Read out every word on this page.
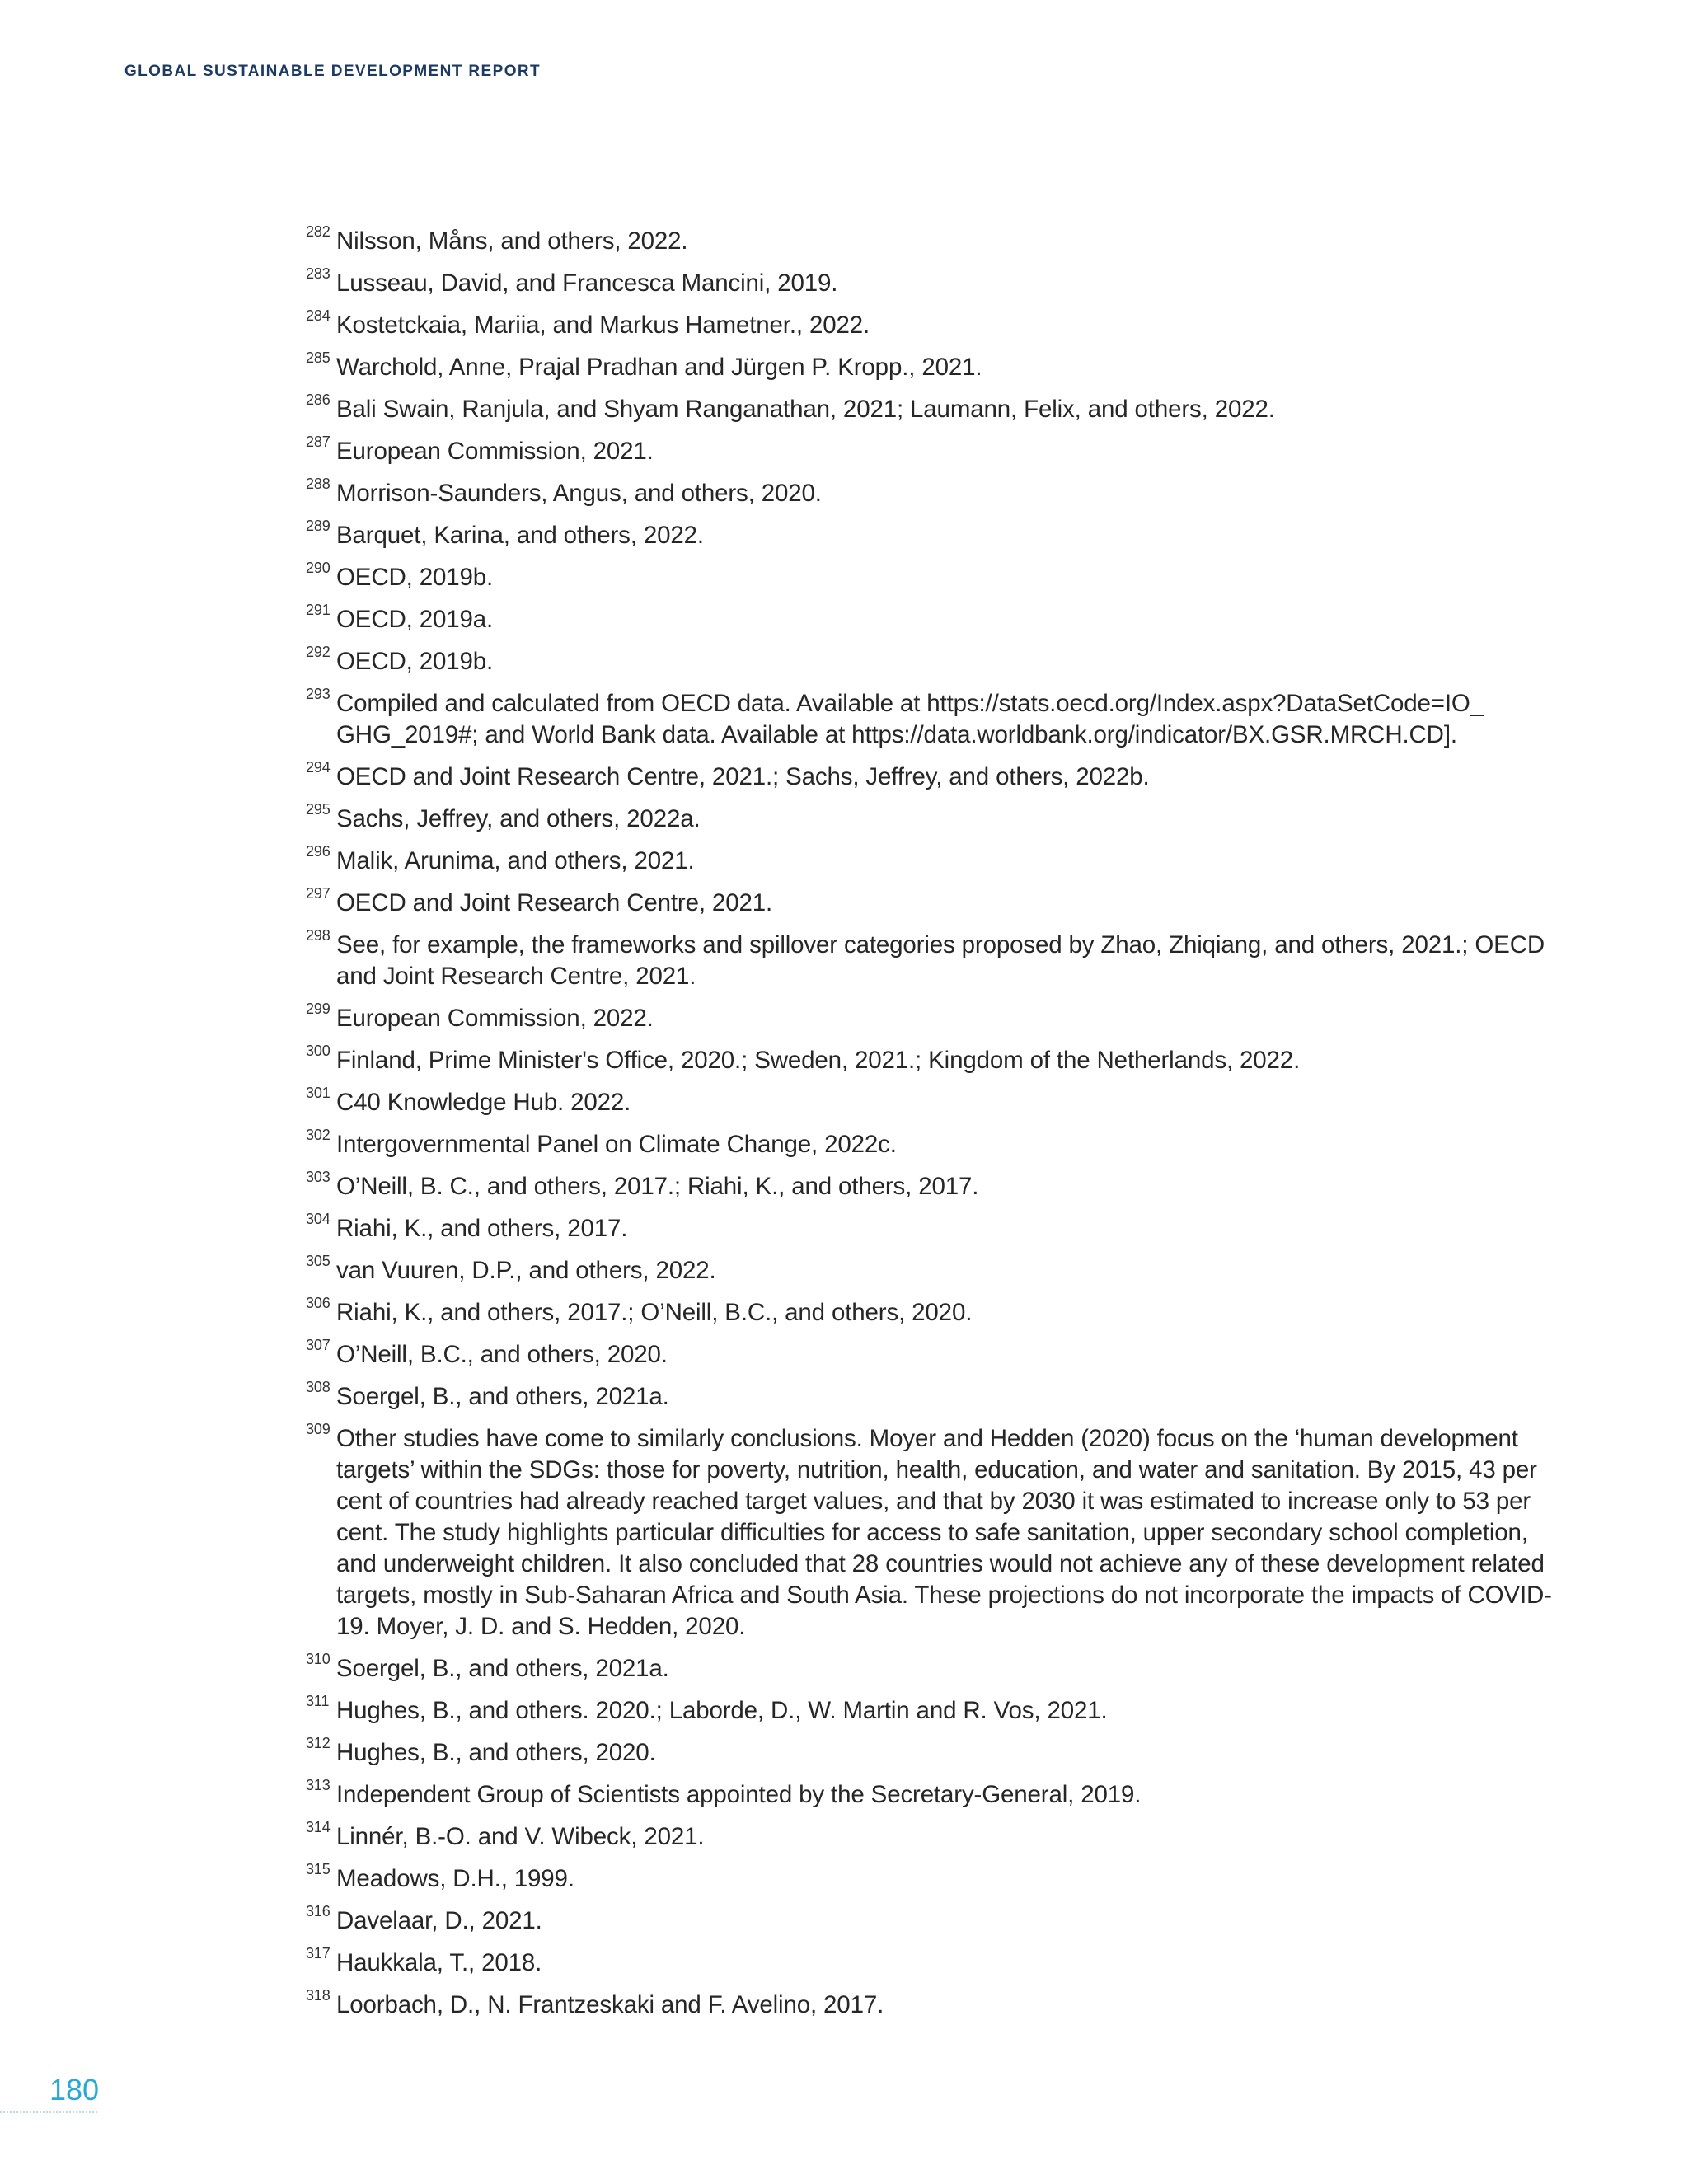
GLOBAL SUSTAINABLE DEVELOPMENT REPORT
282 Nilsson, Måns, and others, 2022.
283 Lusseau, David, and Francesca Mancini, 2019.
284 Kostetckaia, Mariia, and Markus Hametner., 2022.
285 Warchold, Anne, Prajal Pradhan and Jürgen P. Kropp., 2021.
286 Bali Swain, Ranjula, and Shyam Ranganathan, 2021; Laumann, Felix, and others, 2022.
287 European Commission, 2021.
288 Morrison-Saunders, Angus, and others, 2020.
289 Barquet, Karina, and others, 2022.
290 OECD, 2019b.
291 OECD, 2019a.
292 OECD, 2019b.
293 Compiled and calculated from OECD data. Available at https://stats.oecd.org/Index.aspx?DataSetCode=IO_ GHG_2019#; and World Bank data. Available at https://data.worldbank.org/indicator/BX.GSR.MRCH.CD].
294 OECD and Joint Research Centre, 2021.; Sachs, Jeffrey, and others, 2022b.
295 Sachs, Jeffrey, and others, 2022a.
296 Malik, Arunima, and others, 2021.
297 OECD and Joint Research Centre, 2021.
298 See, for example, the frameworks and spillover categories proposed by Zhao, Zhiqiang, and others, 2021.; OECD and Joint Research Centre, 2021.
299 European Commission, 2022.
300 Finland, Prime Minister's Office, 2020.; Sweden, 2021.; Kingdom of the Netherlands, 2022.
301 C40 Knowledge Hub. 2022.
302 Intergovernmental Panel on Climate Change, 2022c.
303 O’Neill, B. C., and others, 2017.; Riahi, K., and others, 2017.
304 Riahi, K., and others, 2017.
305 van Vuuren, D.P., and others, 2022.
306 Riahi, K., and others, 2017.; O’Neill, B.C., and others, 2020.
307 O’Neill, B.C., and others, 2020.
308 Soergel, B., and others, 2021a.
309 Other studies have come to similarly conclusions. Moyer and Hedden (2020) focus on the ‘human development targets’ within the SDGs: those for poverty, nutrition, health, education, and water and sanitation. By 2015, 43 per cent of countries had already reached target values, and that by 2030 it was estimated to increase only to 53 per cent. The study highlights particular difficulties for access to safe sanitation, upper secondary school completion, and underweight children. It also concluded that 28 countries would not achieve any of these development related targets, mostly in Sub-Saharan Africa and South Asia. These projections do not incorporate the impacts of COVID-19. Moyer, J. D. and S. Hedden, 2020.
310 Soergel, B., and others, 2021a.
311 Hughes, B., and others. 2020.; Laborde, D., W. Martin and R. Vos, 2021.
312 Hughes, B., and others, 2020.
313 Independent Group of Scientists appointed by the Secretary-General, 2019.
314 Linnér, B.-O. and V. Wibeck, 2021.
315 Meadows, D.H., 1999.
316 Davelaar, D., 2021.
317 Haukkala, T., 2018.
318 Loorbach, D., N. Frantzeskaki and F. Avelino, 2017.
180
